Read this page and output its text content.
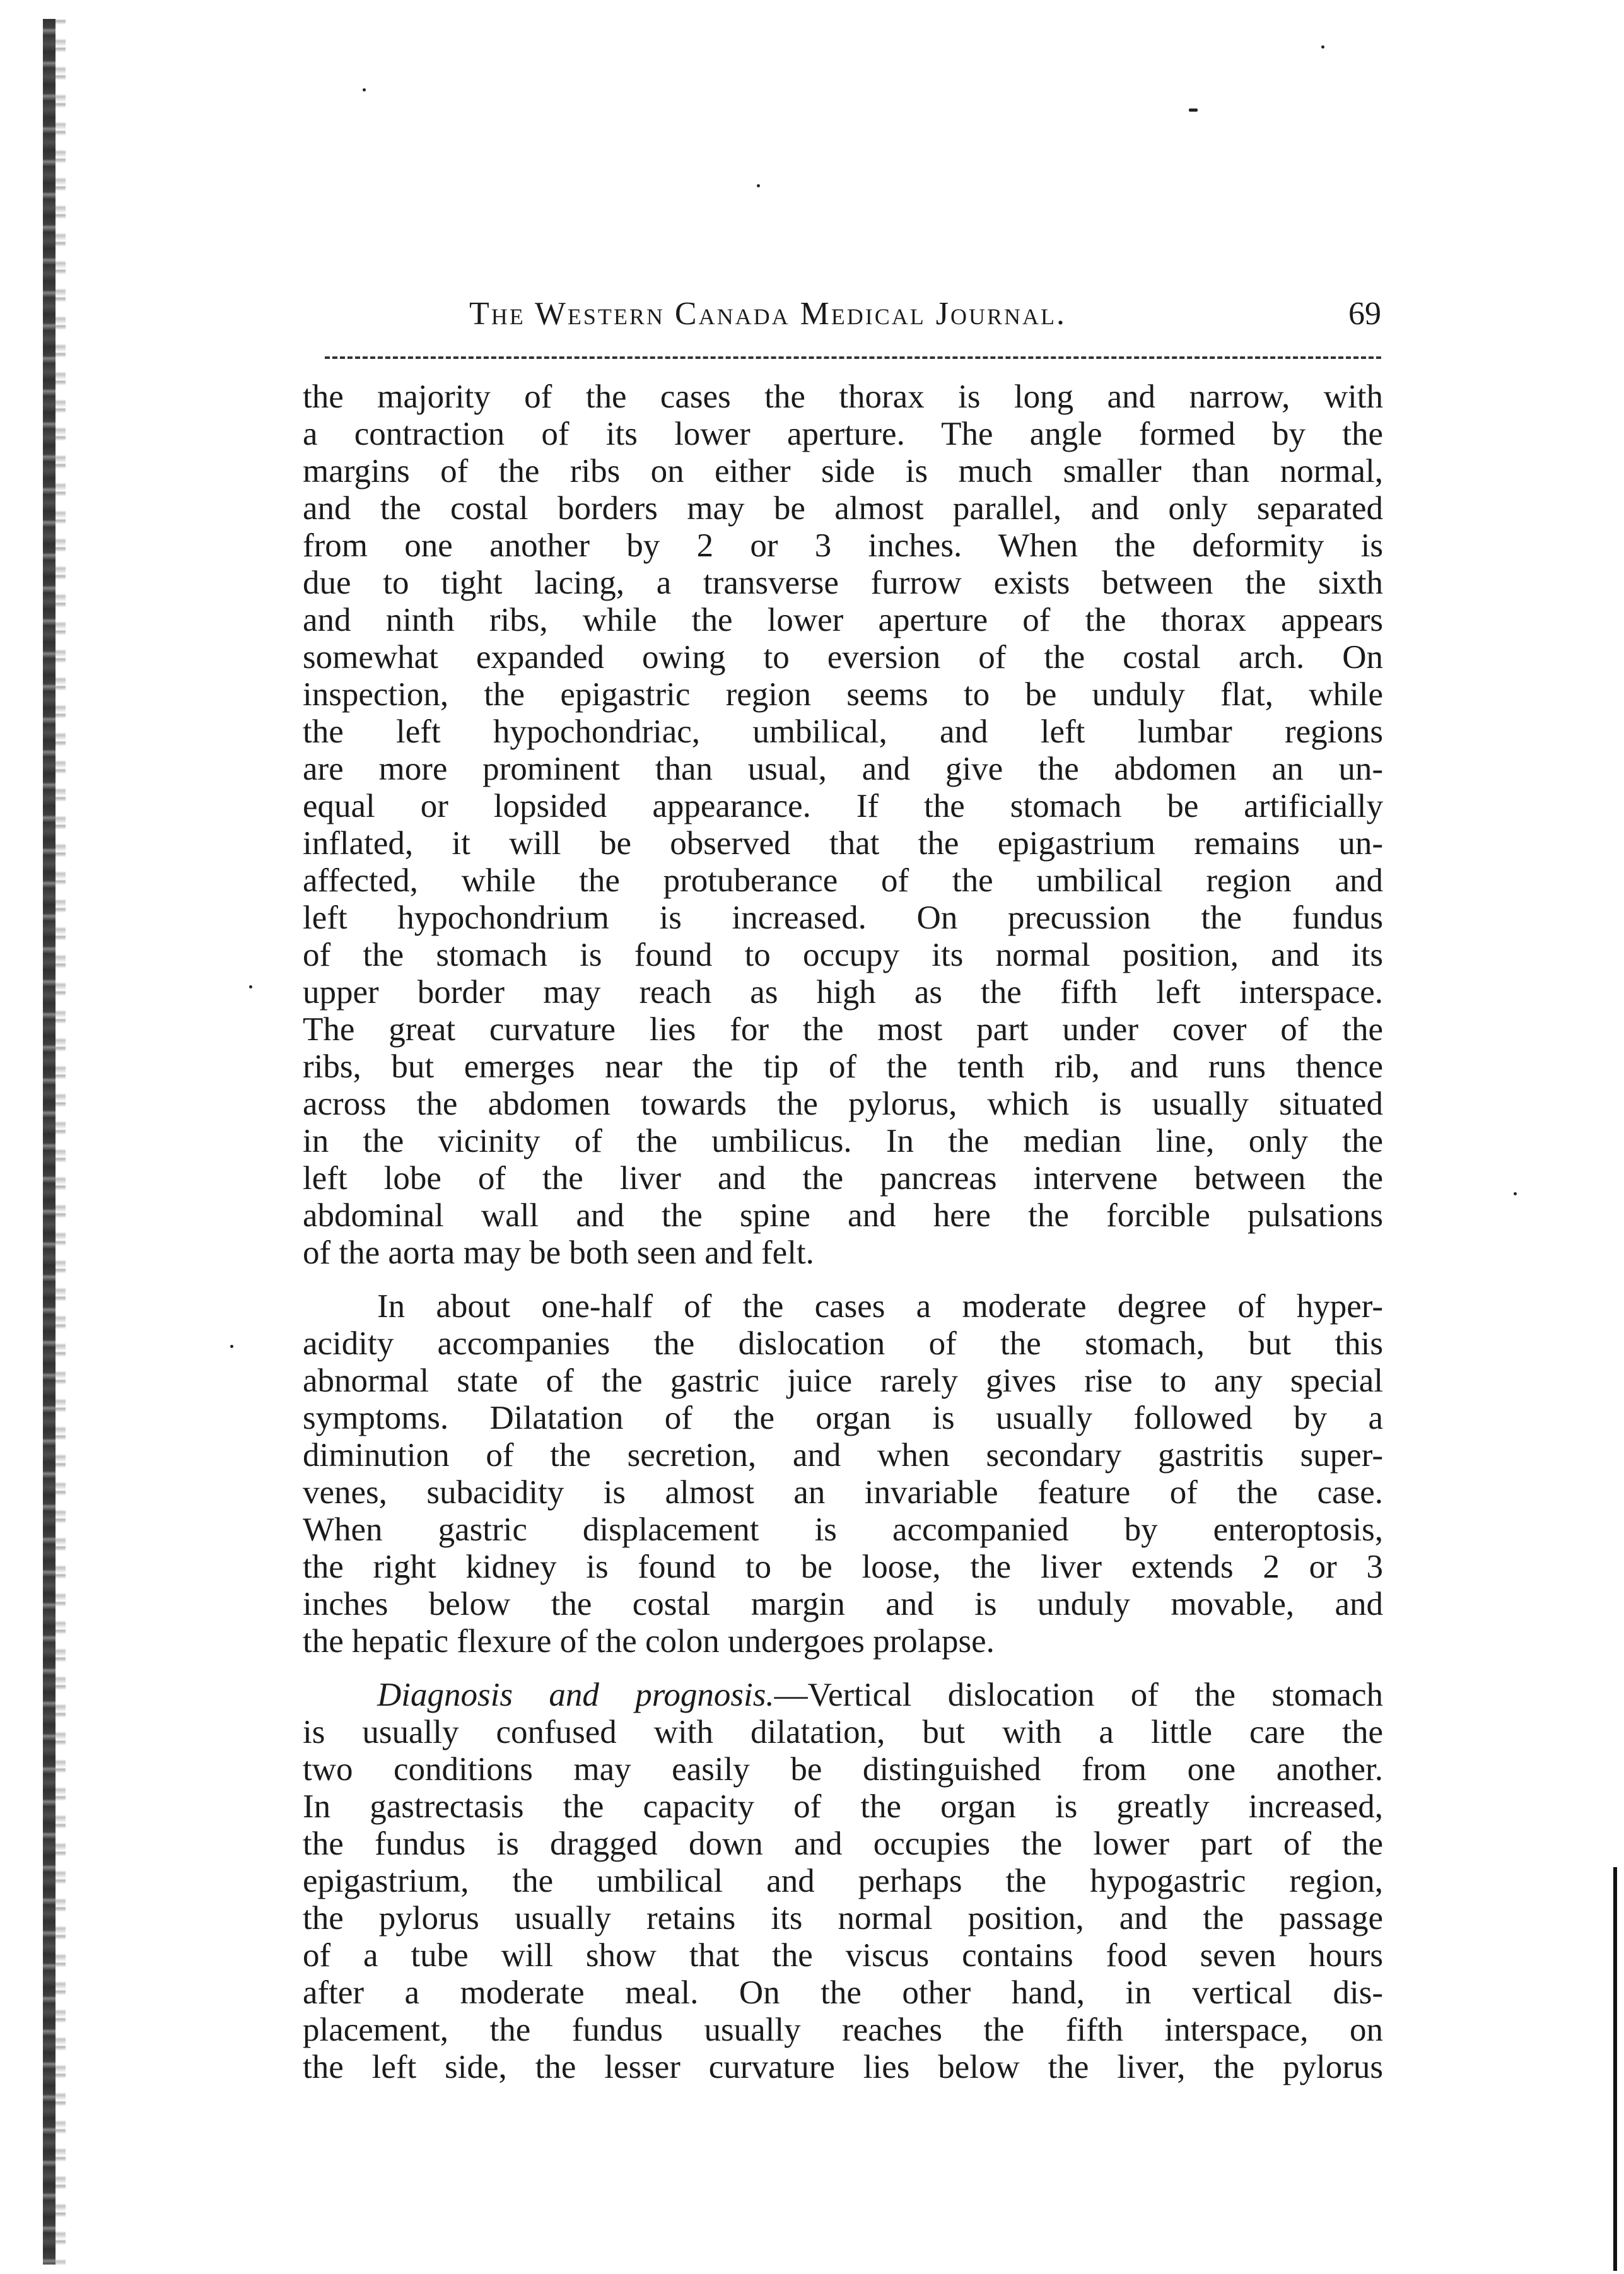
The Western Canada Medical Journal.	69
the majority of the cases the thorax is long and narrow, with
a contraction of its lower aperture. The angle formed by the
margins of the ribs on either side is much smaller than normal,
and the costal borders may be almost parallel, and only separated
from one another by 2 or 3 inches. When the deformity is
due to tight lacing, a transverse furrow exists between the sixth
and ninth ribs, while the lower aperture of the thorax appears
somewhat expanded owing to eversion of the costal arch. On
inspection, the epigastric region seems to be unduly flat, while
the left hypochondriac, umbilical, and left lumbar regions
are more prominent than usual, and give the abdomen an un-
equal or lopsided appearance. If the stomach be artificially
inflated, it will be observed that the epigastrium remains un-
affected, while the protuberance of the umbilical region and
left hypochondrium is increased. On precussion the fundus
of the stomach is found to occupy its normal position, and its
upper border may reach as high as the fifth left interspace.
The great curvature lies for the most part under cover of the
ribs, but emerges near the tip of the tenth rib, and runs thence
across the abdomen towards the pylorus, which is usually situated
in the vicinity of the umbilicus. In the median line, only the
left lobe of the liver and the pancreas intervene between the
abdominal wall and the spine and here the forcible pulsations
of the aorta may be both seen and felt.
In about one-half of the cases a moderate degree of hyper-
acidity accompanies the dislocation of the stomach, but this
abnormal state of the gastric juice rarely gives rise to any special
symptoms. Dilatation of the organ is usually followed by a
diminution of the secretion, and when secondary gastritis super-
venes, subacidity is almost an invariable feature of the case.
When gastric displacement is accompanied by enteroptosis,
the right kidney is found to be loose, the liver extends 2 or 3
inches below the costal margin and is unduly movable, and
the hepatic flexure of the colon undergoes prolapse.
Diagnosis and prognosis.—Vertical dislocation of the stomach
is usually confused with dilatation, but with a little care the
two conditions may easily be distinguished from one another.
In gastrectasis the capacity of the organ is greatly increased,
the fundus is dragged down and occupies the lower part of the
epigastrium, the umbilical and perhaps the hypogastric region,
the pylorus usually retains its normal position, and the passage
of a tube will show that the viscus contains food seven hours
after a moderate meal. On the other hand, in vertical dis-
placement, the fundus usually reaches the fifth interspace, on
the left side, the lesser curvature lies below the liver, the pylorus
